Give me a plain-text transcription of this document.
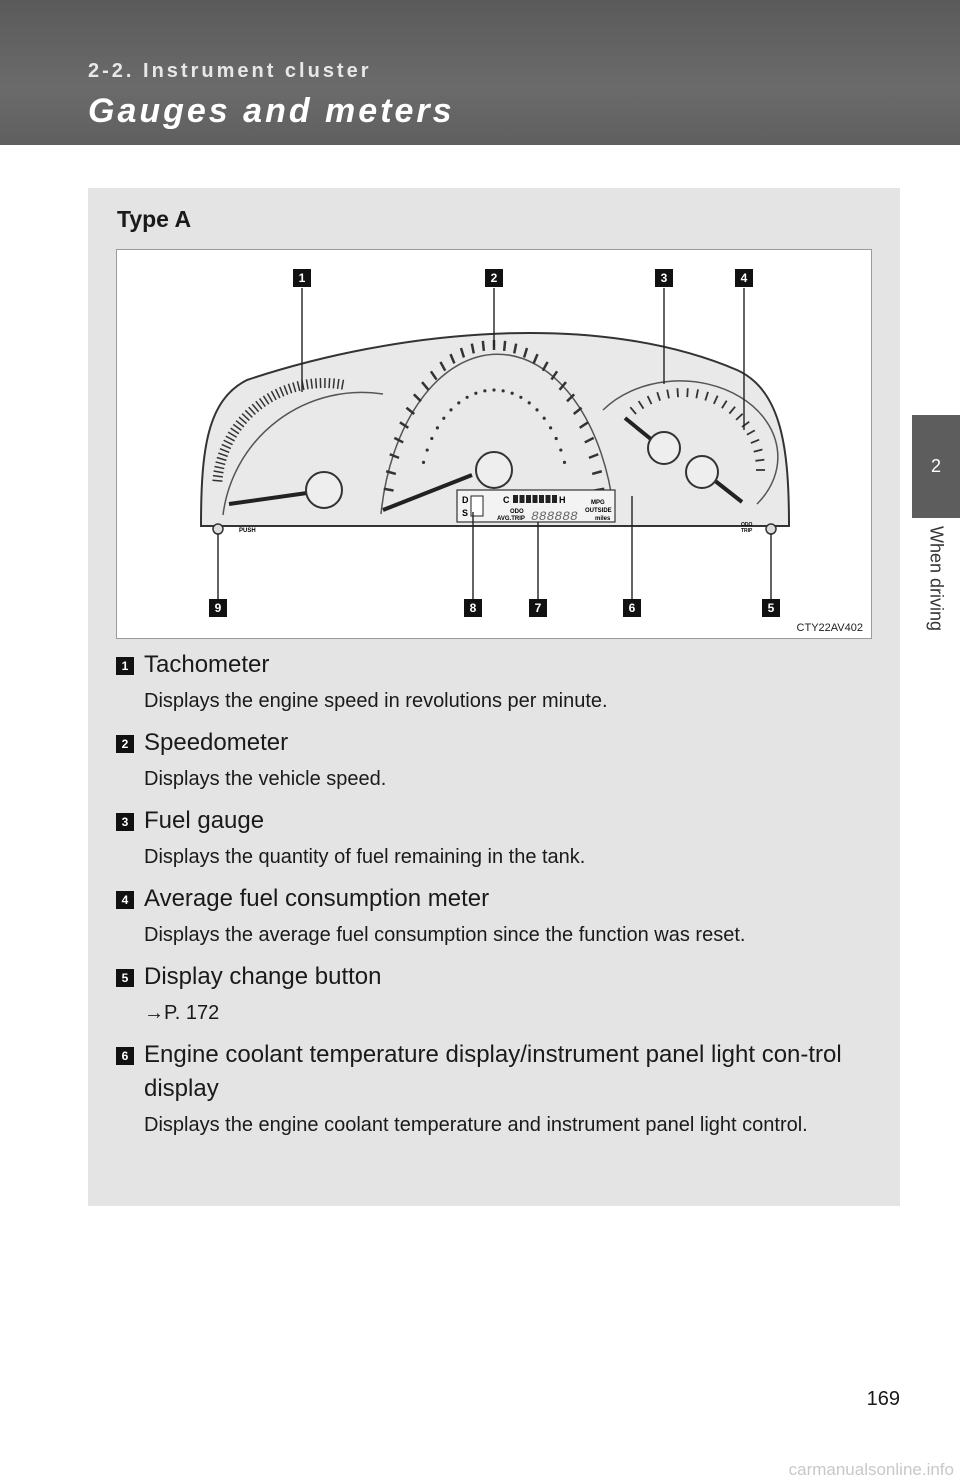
2-2. Instrument cluster
Gauges and meters
2
When driving
Type A
D
S
C	H
ODO
AVG.TRIP 888888
MPG
OUTSIDE
miles
PUSH
ODO
TRIP
1	2	3	4
5
6
7
8
9
CTY22AV402
1 Tachometer
Displays the engine speed in revolutions per minute.
2 Speedometer
Displays the vehicle speed.
3 Fuel gauge
Displays the quantity of fuel remaining in the tank.
4 Average fuel consumption meter
Displays the average fuel consumption since the function was reset.
5 Display change button
→P. 172
6 Engine coolant temperature display/instrument panel light con-trol display
Displays the engine coolant temperature and instrument panel light control.
169
carmanualsonline.info
